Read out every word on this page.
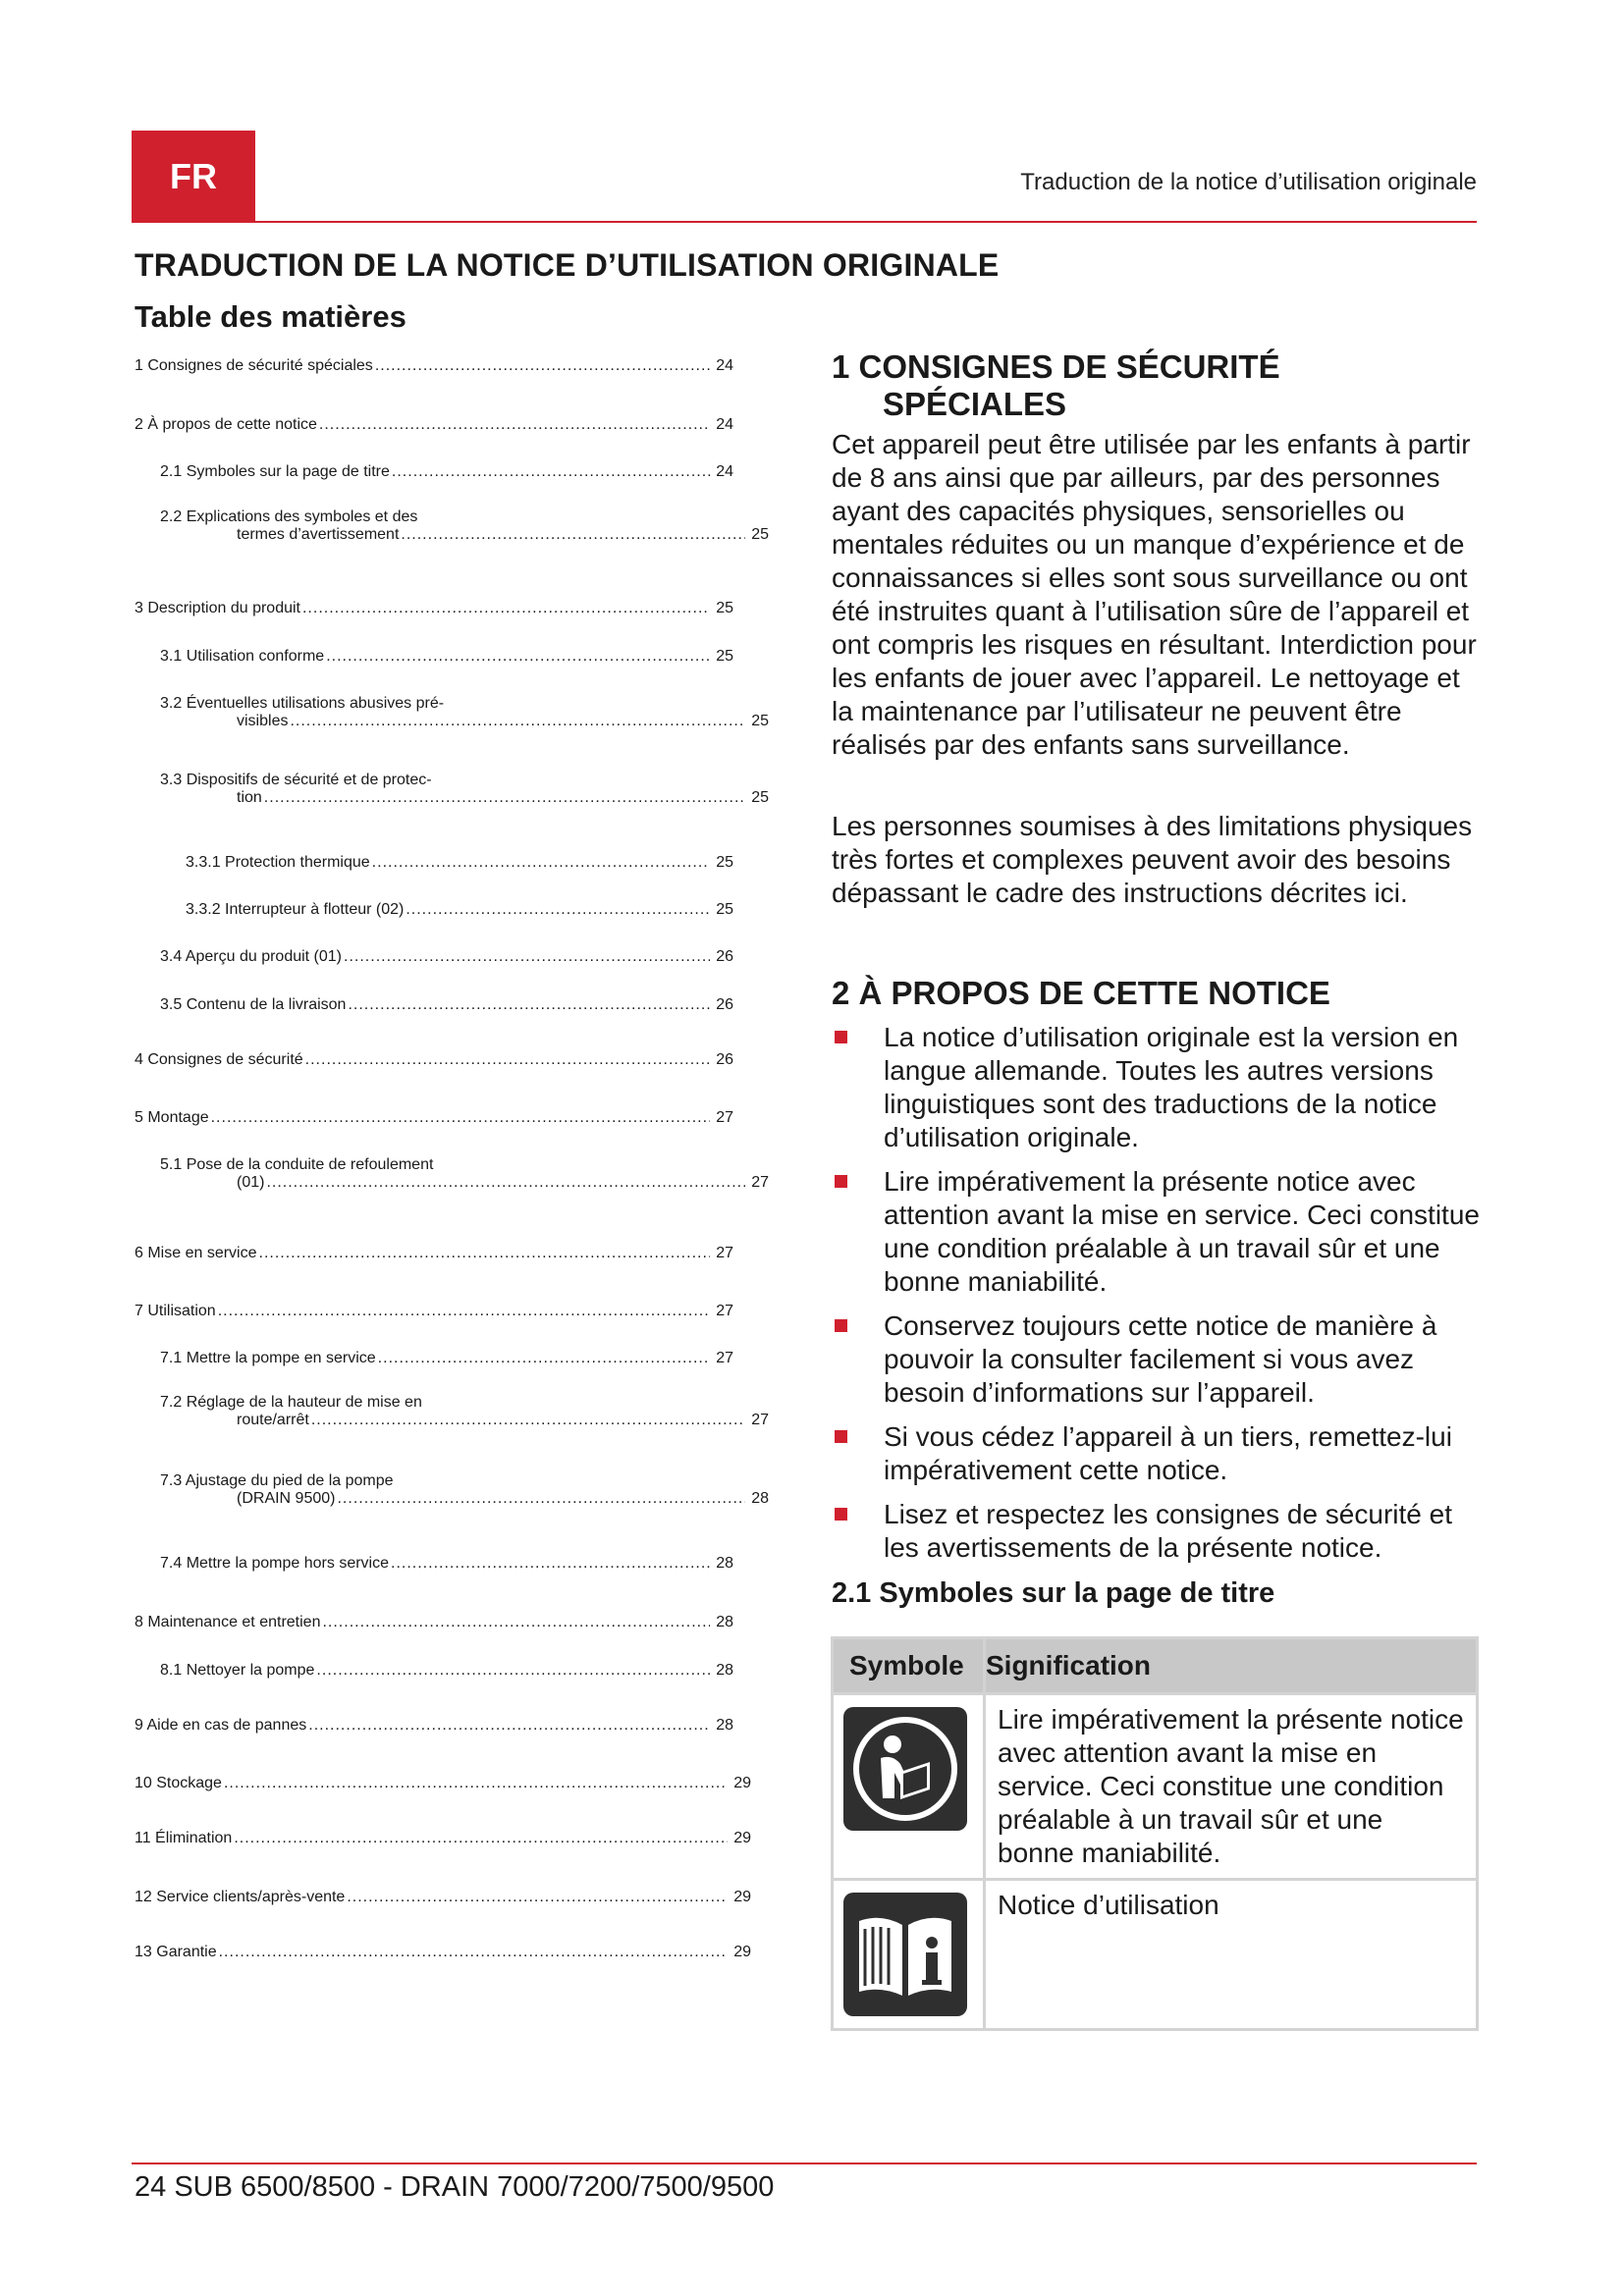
FR	Traduction de la notice d’utilisation originale
TRADUCTION DE LA NOTICE D’UTILISATION ORIGINALE
Table des matières
1 Consignes de sécurité spéciales .....	24
2 À propos de cette notice .....	24
2.1 Symboles sur la page de titre .....	24
2.2 Explications des symboles et des
termes d’avertissement .....	25
3 Description du produit .....	25
3.1 Utilisation conforme .....	25
3.2 Éventuelles utilisations abusives pré-
visibles .....	25
3.3 Dispositifs de sécurité et de protec-
tion .....	25
3.3.1 Protection thermique .....	25
3.3.2 Interrupteur à flotteur (02) .....	25
3.4 Aperçu du produit (01) .....	26
3.5 Contenu de la livraison .....	26
4 Consignes de sécurité .....	26
5 Montage .....	27
5.1 Pose de la conduite de refoulement
(01) .....	27
6 Mise en service .....	27
7 Utilisation .....	27
7.1 Mettre la pompe en service .....	27
7.2 Réglage de la hauteur de mise en
route/arrêt .....	27
7.3 Ajustage du pied de la pompe
(DRAIN 9500) .....	28
7.4 Mettre la pompe hors service .....	28
8 Maintenance et entretien .....	28
8.1 Nettoyer la pompe .....	28
9 Aide en cas de pannes .....	28
10 Stockage .....	29
11 Élimination .....	29
12 Service clients/après-vente .....	29
13 Garantie .....	29
1 CONSIGNES DE SÉCURITÉ
SPÉCIALES
Cet appareil peut être utilisée par les enfants à partir de 8 ans ainsi que par ailleurs, par des personnes ayant des capacités physiques, sensorielles ou mentales réduites ou un manque d’expérience et de connaissances si elles sont sous surveillance ou ont été instruites quant à l’utilisation sûre de l’appareil et ont compris les risques en résultant. Interdiction pour les enfants de jouer avec l’appareil. Le nettoyage et la maintenance par l’utilisateur ne peuvent être réalisés par des enfants sans surveillance.
Les personnes soumises à des limitations physiques très fortes et complexes peuvent avoir des besoins dépassant le cadre des instructions décrites ici.
2 À PROPOS DE CETTE NOTICE
La notice d’utilisation originale est la version en langue allemande. Toutes les autres versions linguistiques sont des traductions de la notice d’utilisation originale.
Lire impérativement la présente notice avec attention avant la mise en service. Ceci constitue une condition préalable à un travail sûr et une bonne maniabilité.
Conservez toujours cette notice de manière à pouvoir la consulter facilement si vous avez besoin d’informations sur l’appareil.
Si vous cédez l’appareil à un tiers, remettez-lui impérativement cette notice.
Lisez et respectez les consignes de sécurité et les avertissements de la présente notice.
2.1 Symboles sur la page de titre
Symbole	Signification

	Lire impérativement la présente notice avec attention avant la mise en service. Ceci constitue une condition préalable à un travail sûr et une bonne maniabilité.

	Notice d’utilisation
24 SUB 6500/8500 - DRAIN 7000/7200/7500/9500
